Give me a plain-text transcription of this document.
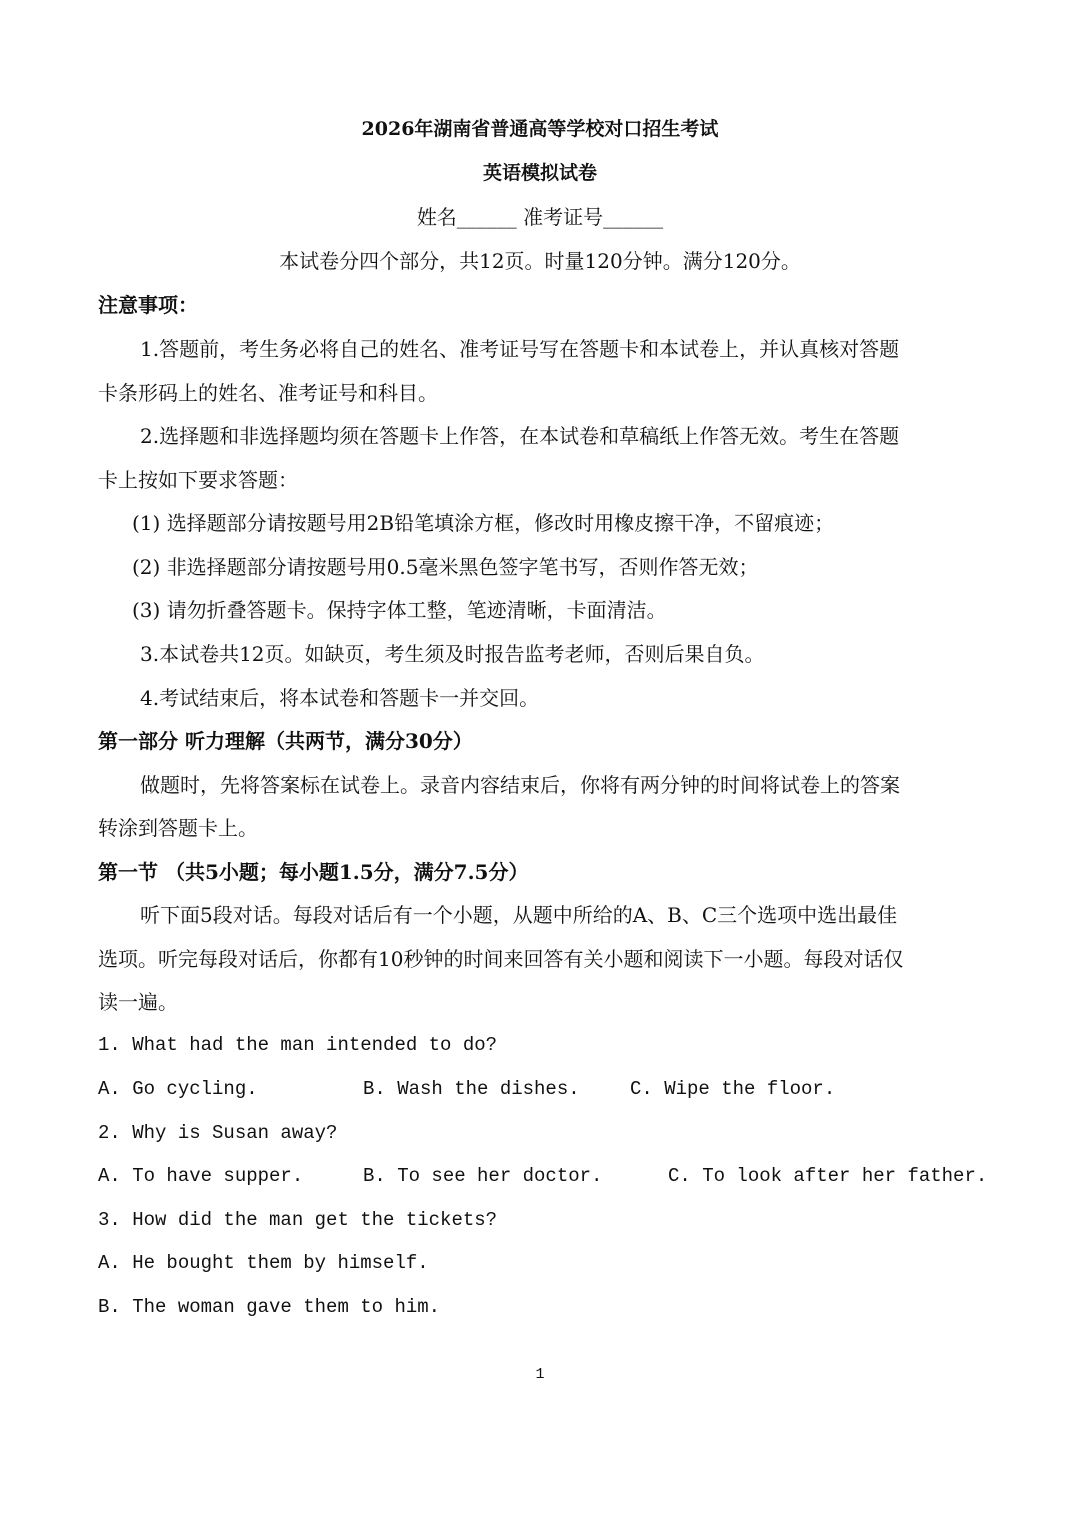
2026年湖南省普通高等学校对口招生考试
英语模拟试卷
姓名______ 准考证号______
本试卷分四个部分，共12页。时量120分钟。满分120分。
注意事项：
1.答题前，考生务必将自己的姓名、准考证号写在答题卡和本试卷上，并认真核对答题
卡条形码上的姓名、准考证号和科目。
2.选择题和非选择题均须在答题卡上作答，在本试卷和草稿纸上作答无效。考生在答题
卡上按如下要求答题：
(1) 选择题部分请按题号用2B铅笔填涂方框，修改时用橡皮擦干净，不留痕迹；
(2) 非选择题部分请按题号用0.5毫米黑色签字笔书写，否则作答无效；
(3) 请勿折叠答题卡。保持字体工整，笔迹清晰，卡面清洁。
3.本试卷共12页。如缺页，考生须及时报告监考老师，否则后果自负。
4.考试结束后，将本试卷和答题卡一并交回。
第一部分 听力理解（共两节，满分30分）
做题时，先将答案标在试卷上。录音内容结束后，你将有两分钟的时间将试卷上的答案
转涂到答题卡上。
第一节 （共5小题；每小题1.5分，满分7.5分）
听下面5段对话。每段对话后有一个小题，从题中所给的A、B、C三个选项中选出最佳
选项。听完每段对话后，你都有10秒钟的时间来回答有关小题和阅读下一小题。每段对话仅
读一遍。
1. What had the man intended to do?
A. Go cycling.	B. Wash the dishes.	C. Wipe the floor.
2. Why is Susan away?
A. To have supper.	B. To see her doctor.	C. To look after her father.
3. How did the man get the tickets?
A. He bought them by himself.
B. The woman gave them to him.
1
